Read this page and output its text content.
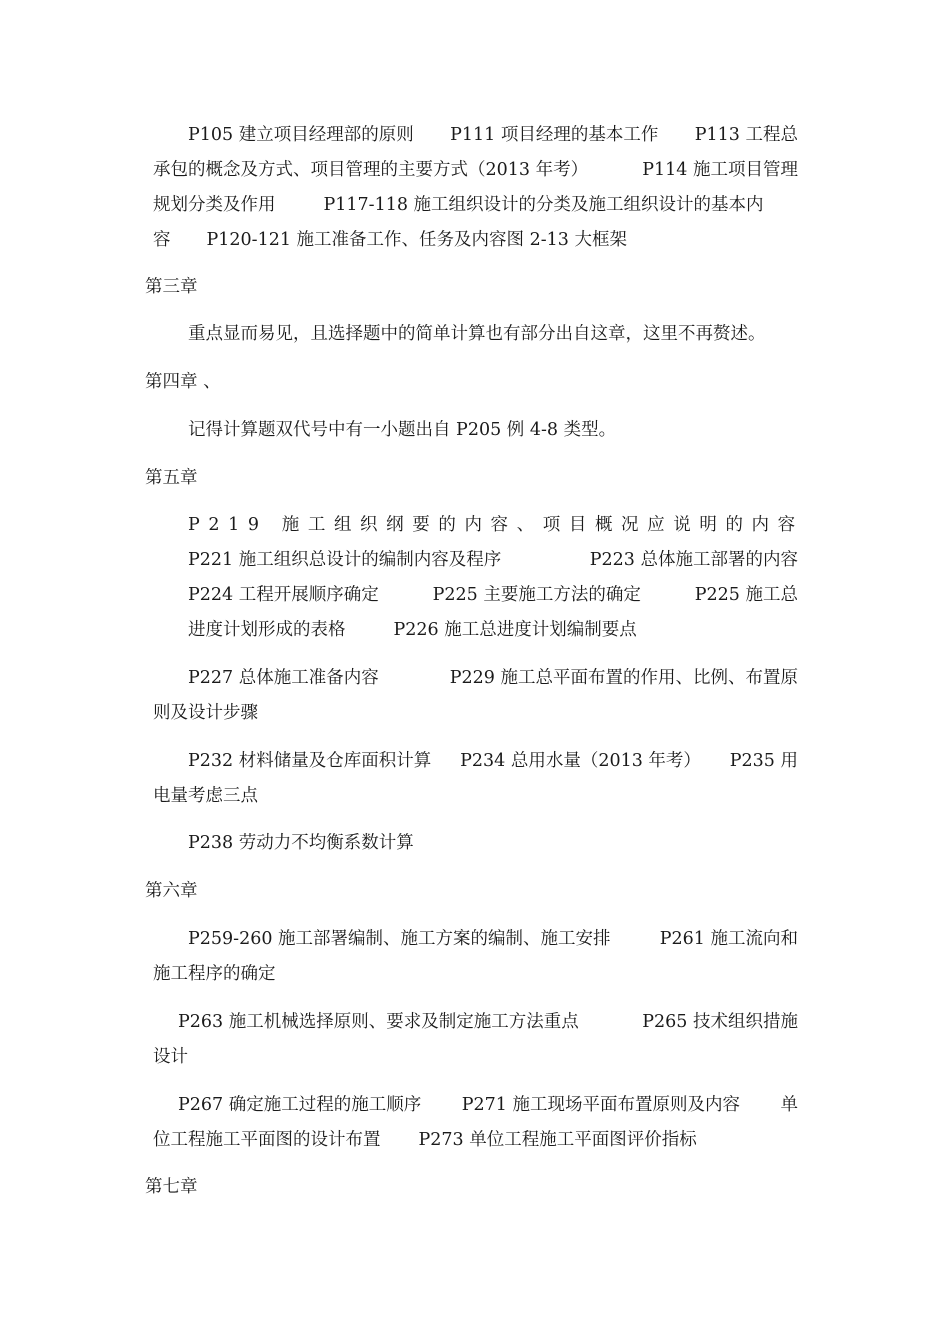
P105 建立项目经理部的原则 P111 项目经理的基本工作 P113 工程总
承包的概念及方式、项目管理的主要方式（2013 年考）	P114 施工项目管理
规划分类及作用	P117-118 施工组织设计的分类及施工组织设计的基本内
容 P120-121 施工准备工作、任务及内容图 2-13 大框架
第三章
重点显而易见，且选择题中的简单计算也有部分出自这章，这里不再赘述。
第四章 、
记得计算题双代号中有一小题出自 P205 例 4-8 类型。
第五章
P219 施工组织纲要的内容、项目概况应说明的内容
P221 施工组织总设计的编制内容及程序	P223 总体施工部署的内容
P224 工程开展顺序确定	P225 主要施工方法的确定	P225 施工总
进度计划形成的表格	P226 施工总进度计划编制要点
P227 总体施工准备内容	P229 施工总平面布置的作用、比例、布置原
则及设计步骤
P232 材料储量及仓库面积计算 P234 总用水量（2013 年考） P235 用
电量考虑三点
P238 劳动力不均衡系数计算
第六章
P259-260 施工部署编制、施工方案的编制、施工安排	P261 施工流向和
施工程序的确定
P263 施工机械选择原则、要求及制定施工方法重点	P265 技术组织措施
设计
P267 确定施工过程的施工顺序 P271 施工现场平面布置原则及内容 单
位工程施工平面图的设计布置 P273 单位工程施工平面图评价指标
第七章
